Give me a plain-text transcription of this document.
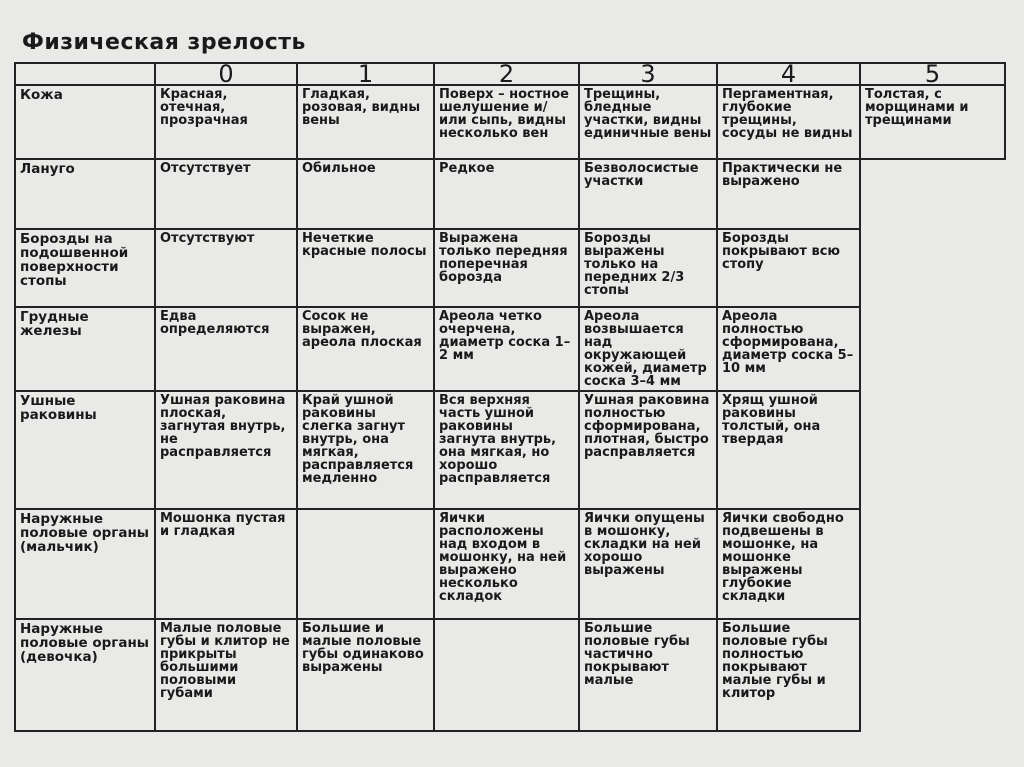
Физическая зрелость
	0	1	2	3	4	5
Кожа	Красная, отечная, прозрачная	Гладкая, розовая, видны вены	Поверх – ностное шелушение и/или сыпь, видны несколько вен	Трещины, бледные участки, видны единичные вены	Пергаментная, глубокие трещины, сосуды не видны	Толстая, с морщинами и трещинами
Лануго	Отсутствует	Обильное	Редкое	Безволосистые участки	Практически не выражено	
Борозды на подошвенной поверхности стопы	Отсутствуют	Нечеткие красные полосы	Выражена только передняя поперечная борозда	Борозды выражены только на передних 2/3 стопы	Борозды покрывают всю стопу	
Грудные железы	Едва определяются	Сосок не выражен, ареола плоская	Ареола четко очерчена, диаметр соска 1–2 мм	Ареола возвышается над окружающей кожей, диаметр соска 3–4 мм	Ареола полностью сформирована, диаметр соска 5–10 мм	
Ушные раковины	Ушная раковина плоская, загнутая внутрь, не расправляется	Край ушной раковины слегка загнут внутрь, она мягкая, расправляется медленно	Вся верхняя часть ушной раковины загнута внутрь, она мягкая, но хорошо расправляется	Ушная раковина полностью сформирована, плотная, быстро расправляется	Хрящ ушной раковины толстый, она твердая	
Наружные половые органы (мальчик)	Мошонка пустая и гладкая		Яички расположены над входом в мошонку, на ней выраженo несколько складок	Яички опущены в мошонку, складки на ней хорошо выражены	Яички свободно подвешены в мошонке, на мошонке выражены глубокие складки	
Наружные половые органы (девочка)	Малые половые губы и клитор не прикрыты большими половыми губами	Большие и малые половые губы одинаково выражены		Большие половые губы частично покрывают малые	Большие половые губы полностью покрывают малые губы и клитор	
